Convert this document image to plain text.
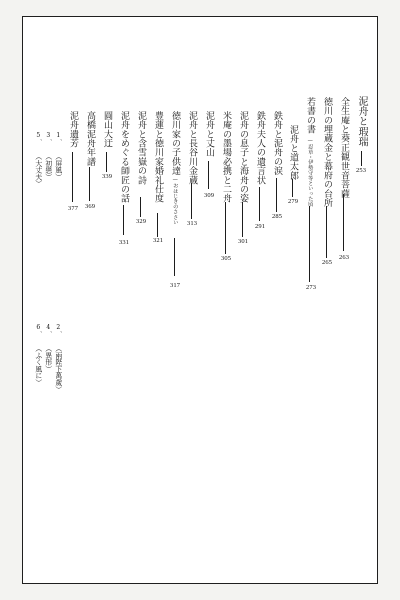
泥舟と瑕瑞
253
全生庵と葵正観世音菩薩
263
徳川の埋蔵金と幕府の台所
265
若書の書
—忍草・伊勢守等といった頃
273
泥舟と道太郎
279
鉄舟と泥舟の涙
285
鉄舟夫人の遺言状
291
泥舟の息子と海舟の姿
301
米庵の墨場必携と二舟
305
泥舟と丈山
309
泥舟と長谷川金蔵
313
徳川家の子供達
—おはじきのささい
317
豊蓮と徳川家婚礼仕度
321
泥舟と含雪嶽の詩
329
泥舟をめぐる師匠の話
331
圓山大迂
339
高橋泥舟年譜
369
泥舟遺芳
377
1、 （屏風）
2、 （兩陛下萬歲）
3、 （初戀）
4、 （異形）
5、 （大丈夫）
6、 （ふく風に）
